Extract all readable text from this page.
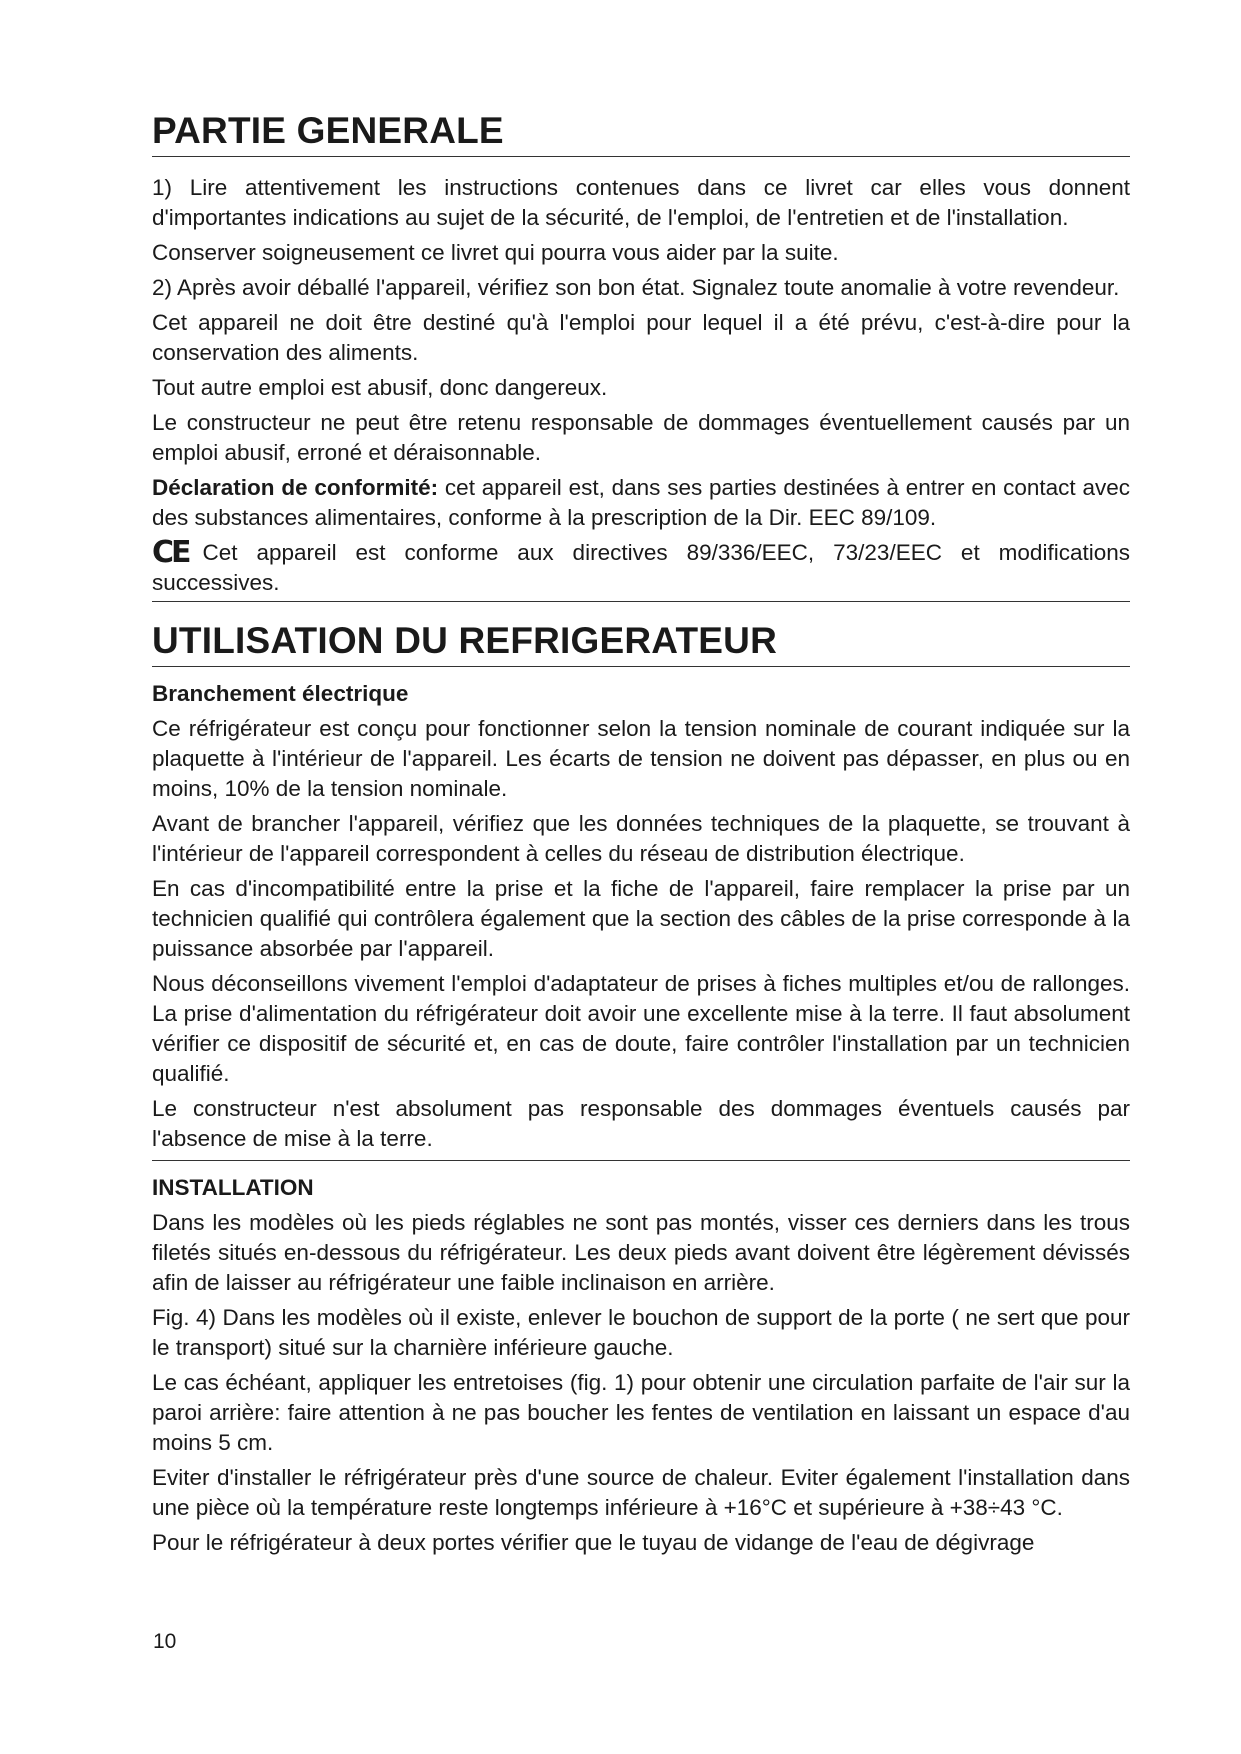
PARTIE GENERALE

1) Lire attentivement les instructions contenues dans ce livret car elles vous donnent d'importantes indications au sujet de la sécurité, de l'emploi, de l'entretien et de l'installation.

Conserver soigneusement ce livret qui pourra vous aider par la suite.

2) Après avoir déballé l'appareil, vérifiez son bon état. Signalez toute anomalie à votre revendeur.

Cet appareil ne doit être destiné qu'à l'emploi pour lequel il a été prévu, c'est-à-dire pour la conservation des aliments.

Tout autre emploi est abusif, donc dangereux.

Le constructeur ne peut être retenu responsable de dommages éventuellement causés par un emploi abusif, erroné et déraisonnable.

Déclaration de conformité: cet appareil est, dans ses parties destinées à entrer en contact avec des substances alimentaires, conforme à la prescription de la Dir. EEC 89/109.

CE Cet appareil est conforme aux directives 89/336/EEC, 73/23/EEC et modifications successives.

UTILISATION DU REFRIGERATEUR
Branchement électrique

Ce réfrigérateur est conçu pour fonctionner selon la tension nominale de courant indiquée sur la plaquette à l'intérieur de l'appareil. Les écarts de tension ne doivent pas dépasser, en plus ou en moins, 10% de la tension nominale.

Avant de brancher l'appareil, vérifiez que les données techniques de la plaquette, se trouvant à l'intérieur de l'appareil correspondent à celles du réseau de distribution électrique.

En cas d'incompatibilité entre la prise et la fiche de l'appareil, faire remplacer la prise par un technicien qualifié qui contrôlera également que la section des câbles de la prise corresponde à la puissance absorbée par l'appareil.

Nous déconseillons vivement l'emploi d'adaptateur de prises à fiches multiples et/ou de rallonges. La prise d'alimentation du réfrigérateur doit avoir une excellente mise à la terre. Il faut absolument vérifier ce dispositif de sécurité et, en cas de doute, faire contrôler l'installation par un technicien qualifié.

Le constructeur n'est absolument pas responsable des dommages éventuels causés par l'absence de mise à la terre.

INSTALLATION

Dans les modèles où les pieds réglables ne sont pas montés, visser ces derniers dans les trous filetés situés en-dessous du réfrigérateur. Les deux pieds avant doivent être légèrement dévissés afin de laisser au réfrigérateur une faible inclinaison en arrière.

Fig. 4) Dans les modèles où il existe, enlever le bouchon de support de la porte ( ne sert que pour le transport) situé sur la charnière inférieure gauche.

Le cas échéant, appliquer les entretoises (fig. 1) pour obtenir une circulation parfaite de l'air sur la paroi arrière: faire attention à ne pas boucher les fentes de ventilation en laissant un espace d'au moins 5 cm.

Eviter d'installer le réfrigérateur près d'une source de chaleur. Eviter également l'installation dans une pièce où la température reste longtemps inférieure à +16°C et supérieure à +38÷43 °C.

Pour le réfrigérateur à deux portes vérifier que le tuyau de vidange de l'eau de dégivrage

10
